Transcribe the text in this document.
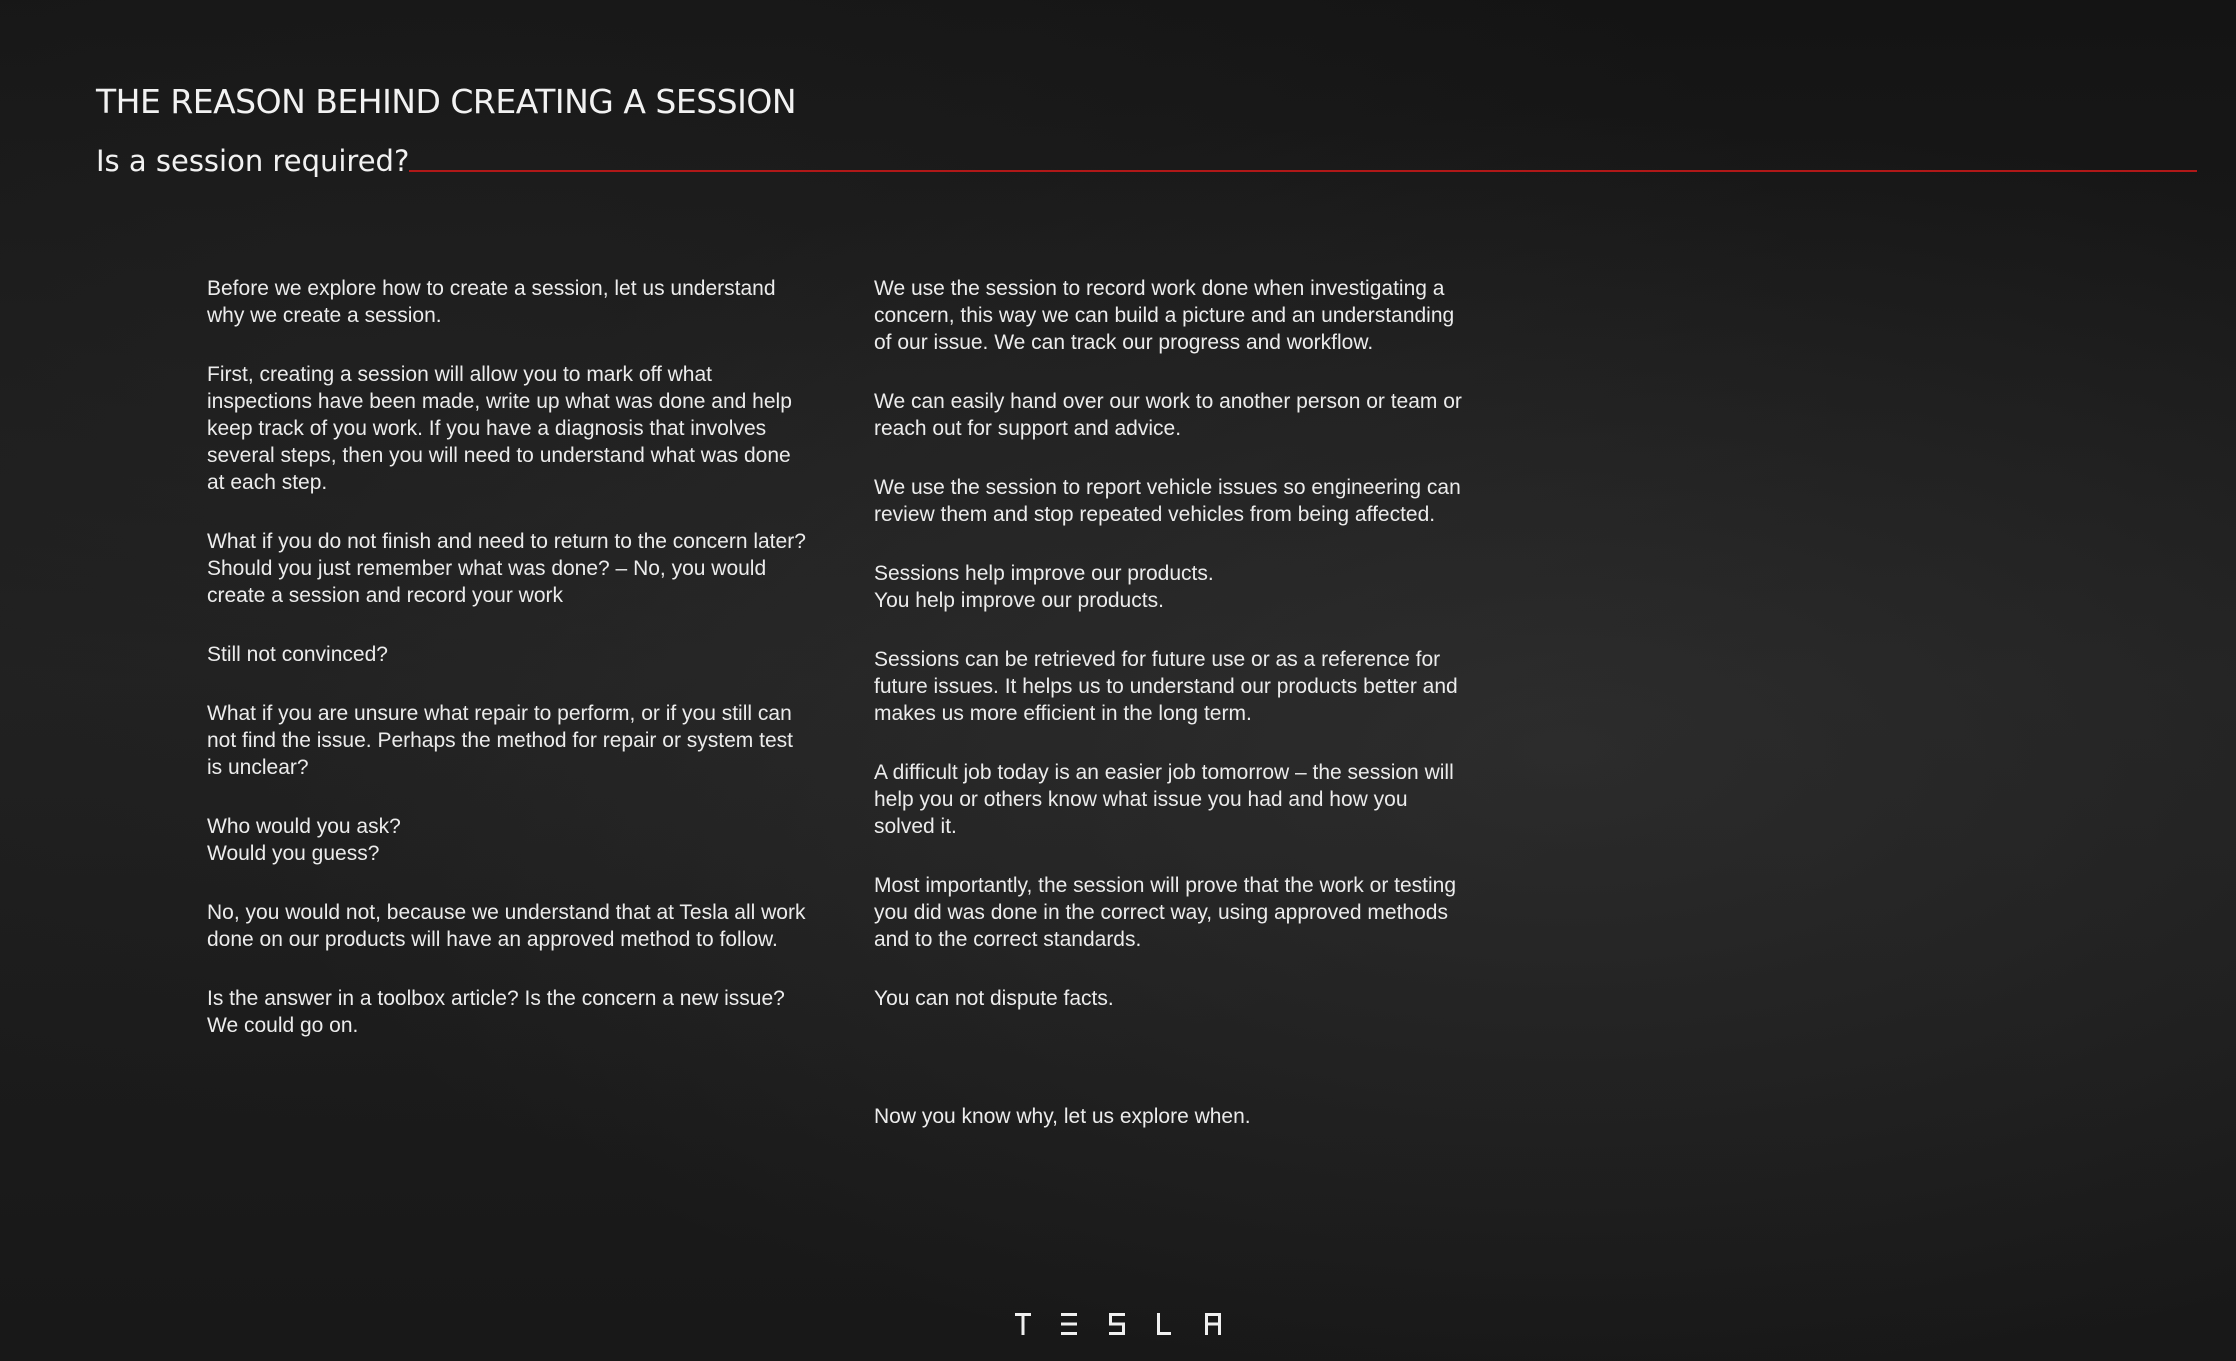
THE REASON BEHIND CREATING A SESSION
Is a session required?

Before we explore how to create a session, let us understand why we create a session.

First, creating a session will allow you to mark off what inspections have been made, write up what was done and help keep track of you work. If you have a diagnosis that involves several steps, then you will need to understand what was done at each step.

What if you do not finish and need to return to the concern later?
Should you just remember what was done? – No, you would create a session and record your work

Still not convinced?

What if you are unsure what repair to perform, or if you still can not find the issue. Perhaps the method for repair or system test is unclear?

Who would you ask?
Would you guess?

No, you would not, because we understand that at Tesla all work done on our products will have an approved method to follow.

Is the answer in a toolbox article? Is the concern a new issue? We could go on.

We use the session to record work done when investigating a concern, this way we can build a picture and an understanding of our issue. We can track our progress and workflow.

We can easily hand over our work to another person or team or reach out for support and advice.

We use the session to report vehicle issues so engineering can review them and stop repeated vehicles from being affected.

Sessions help improve our products.
You help improve our products.

Sessions can be retrieved for future use or as a reference for future issues. It helps us to understand our products better and makes us more efficient in the long term.

A difficult job today is an easier job tomorrow – the session will help you or others know what issue you had and how you solved it.

Most importantly, the session will prove that the work or testing you did was done in the correct way, using approved methods and to the correct standards.

You can not dispute facts.

Now you know why, let us explore when.
